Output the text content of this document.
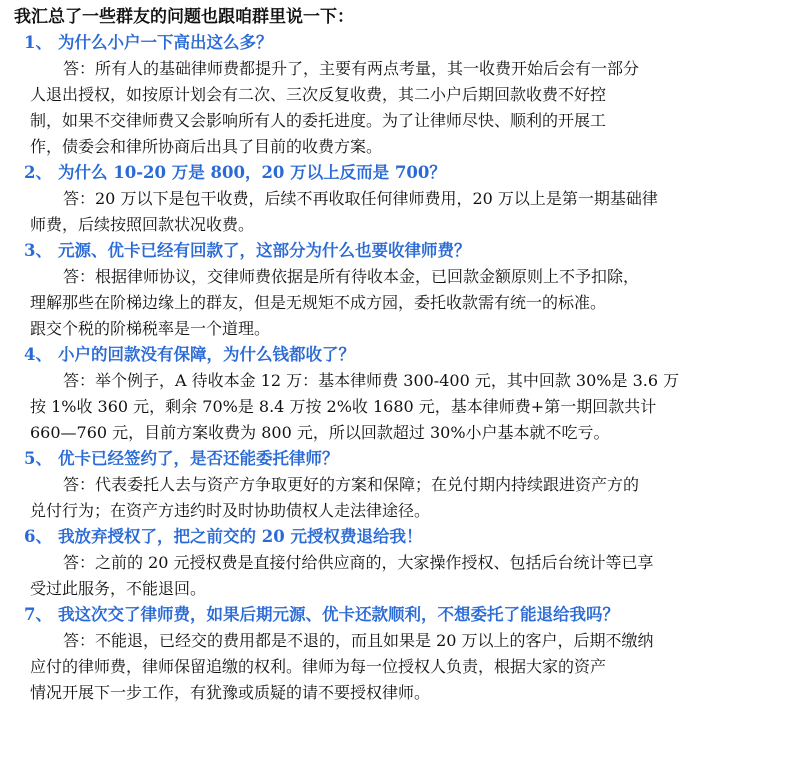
我汇总了一些群友的问题也跟咱群里说一下：
1、 为什么小户一下高出这么多？
答：所有人的基础律师费都提升了，主要有两点考量，其一收费开始后会有一部分
人退出授权，如按原计划会有二次、三次反复收费，其二小户后期回款收费不好控
制，如果不交律师费又会影响所有人的委托进度。为了让律师尽快、顺利的开展工
作，债委会和律所协商后出具了目前的收费方案。
2、 为什么 10-20 万是 800，20 万以上反而是 700？
答：20 万以下是包干收费，后续不再收取任何律师费用，20 万以上是第一期基础律
师费，后续按照回款状况收费。
3、 元源、优卡已经有回款了，这部分为什么也要收律师费？
答：根据律师协议，交律师费依据是所有待收本金，已回款金额原则上不予扣除，
理解那些在阶梯边缘上的群友，但是无规矩不成方园，委托收款需有统一的标准。
跟交个税的阶梯税率是一个道理。
4、 小户的回款没有保障，为什么钱都收了？
答：举个例子，A 待收本金 12 万：基本律师费 300-400 元，其中回款 30%是 3.6 万
按 1%收 360 元，剩余 70%是 8.4 万按 2%收 1680 元，基本律师费+第一期回款共计
660—760 元，目前方案收费为 800 元，所以回款超过 30%小户基本就不吃亏。
5、 优卡已经签约了，是否还能委托律师？
答：代表委托人去与资产方争取更好的方案和保障；在兑付期内持续跟进资产方的
兑付行为；在资产方违约时及时协助债权人走法律途径。
6、 我放弃授权了，把之前交的 20 元授权费退给我！
答：之前的 20 元授权费是直接付给供应商的，大家操作授权、包括后台统计等已享
受过此服务，不能退回。
7、 我这次交了律师费，如果后期元源、优卡还款顺利，不想委托了能退给我吗？
答：不能退，已经交的费用都是不退的，而且如果是 20 万以上的客户，后期不缴纳
应付的律师费，律师保留追缴的权利。律师为每一位授权人负责，根据大家的资产
情况开展下一步工作，有犹豫或质疑的请不要授权律师。
